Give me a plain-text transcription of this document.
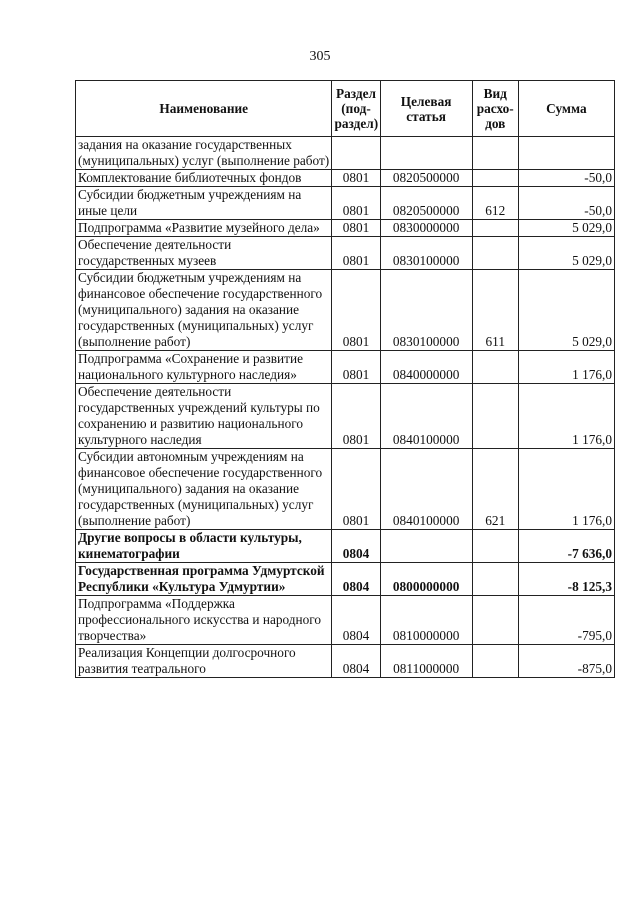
305
Наименование	Раздел (под-раздел)	Целевая статья	Вид расхо-дов	Сумма
задания на оказание государственных (муниципальных) услуг (выполнение работ)				
Комплектование библиотечных фондов	0801	0820500000		-50,0
Субсидии бюджетным учреждениям на иные цели	0801	0820500000	612	-50,0
Подпрограмма «Развитие музейного дела»	0801	0830000000		5 029,0
Обеспечение деятельности государственных музеев	0801	0830100000		5 029,0
Субсидии бюджетным учреждениям на финансовое обеспечение государственного (муниципального) задания на оказание государственных (муниципальных) услуг (выполнение работ)	0801	0830100000	611	5 029,0
Подпрограмма «Сохранение и развитие национального культурного наследия»	0801	0840000000		1 176,0
Обеспечение деятельности государственных учреждений культуры по сохранению и развитию национального культурного наследия	0801	0840100000		1 176,0
Субсидии автономным учреждениям на финансовое обеспечение государственного (муниципального) задания на оказание государственных (муниципальных) услуг (выполнение работ)	0801	0840100000	621	1 176,0
Другие вопросы в области культуры, кинематографии	0804			-7 636,0
Государственная программа Удмуртской Республики «Культура Удмуртии»	0804	0800000000		-8 125,3
Подпрограмма «Поддержка профессионального искусства и народного творчества»	0804	0810000000		-795,0
Реализация Концепции долгосрочного развития театрального	0804	0811000000		-875,0
